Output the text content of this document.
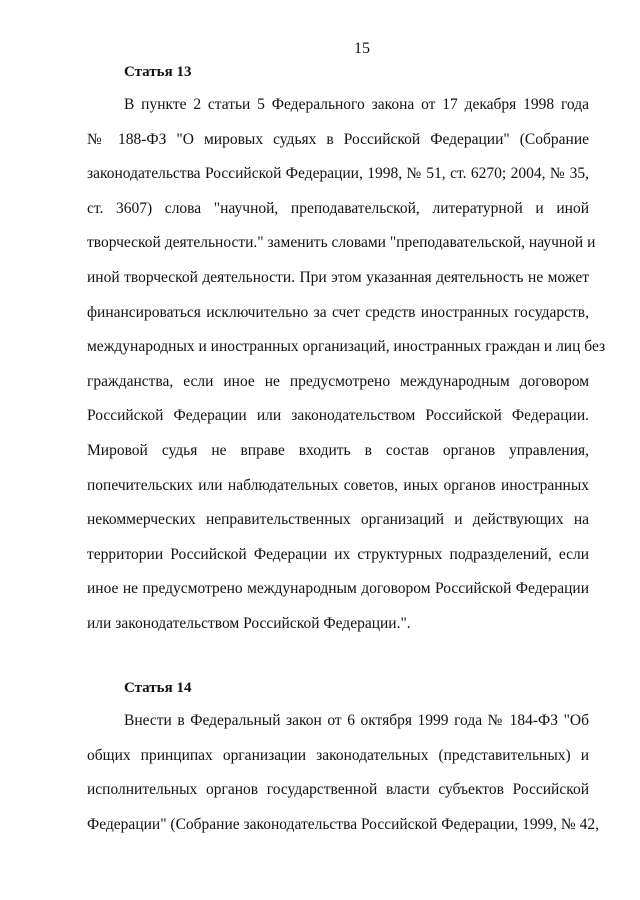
15
Статья 13
В пункте 2 статьи 5 Федерального закона от 17 декабря 1998 года
№ 188-ФЗ "О мировых судьях в Российской Федерации" (Собрание
законодательства Российской Федерации, 1998, № 51, ст. 6270; 2004, № 35,
ст. 3607) слова "научной, преподавательской, литературной и иной
творческой деятельности." заменить словами "преподавательской, научной и
иной творческой деятельности. При этом указанная деятельность не может
финансироваться исключительно за счет средств иностранных государств,
международных и иностранных организаций, иностранных граждан и лиц без
гражданства, если иное не предусмотрено международным договором
Российской Федерации или законодательством Российской Федерации.
Мировой судья не вправе входить в состав органов управления,
попечительских или наблюдательных советов, иных органов иностранных
некоммерческих неправительственных организаций и действующих на
территории Российской Федерации их структурных подразделений, если
иное не предусмотрено международным договором Российской Федерации
или законодательством Российской Федерации.".
Статья 14
Внести в Федеральный закон от 6 октября 1999 года № 184-ФЗ "Об
общих принципах организации законодательных (представительных) и
исполнительных органов государственной власти субъектов Российской
Федерации" (Собрание законодательства Российской Федерации, 1999, № 42,
